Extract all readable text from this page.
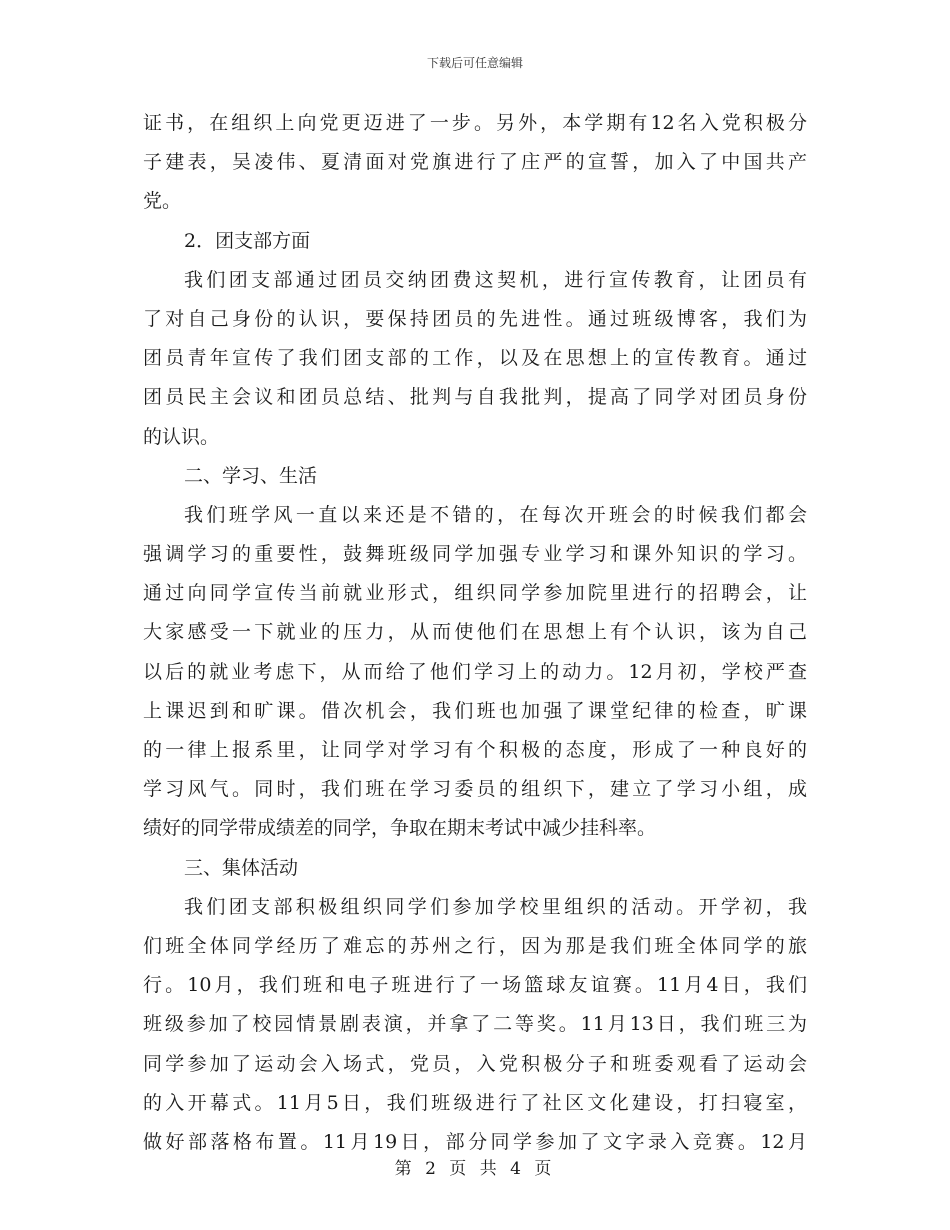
下载后可任意编辑
证书，在组织上向党更迈进了一步。另外，本学期有12名入党积极分
子建表，吴凌伟、夏清面对党旗进行了庄严的宣誓，加入了中国共产
党。
2．团支部方面
我们团支部通过团员交纳团费这契机，进行宣传教育，让团员有
了对自己身份的认识，要保持团员的先进性。通过班级博客，我们为
团员青年宣传了我们团支部的工作，以及在思想上的宣传教育。通过
团员民主会议和团员总结、批判与自我批判，提高了同学对团员身份
的认识。
二、学习、生活
我们班学风一直以来还是不错的，在每次开班会的时候我们都会
强调学习的重要性，鼓舞班级同学加强专业学习和课外知识的学习。
通过向同学宣传当前就业形式，组织同学参加院里进行的招聘会，让
大家感受一下就业的压力，从而使他们在思想上有个认识，该为自己
以后的就业考虑下，从而给了他们学习上的动力。12月初，学校严查
上课迟到和旷课。借次机会，我们班也加强了课堂纪律的检查，旷课
的一律上报系里，让同学对学习有个积极的态度，形成了一种良好的
学习风气。同时，我们班在学习委员的组织下，建立了学习小组，成
绩好的同学带成绩差的同学，争取在期末考试中减少挂科率。
三、集体活动
我们团支部积极组织同学们参加学校里组织的活动。开学初，我
们班全体同学经历了难忘的苏州之行，因为那是我们班全体同学的旅
行。10月，我们班和电子班进行了一场篮球友谊赛。11月4日，我们
班级参加了校园情景剧表演，并拿了二等奖。11月13日，我们班三为
同学参加了运动会入场式，党员，入党积极分子和班委观看了运动会
的入开幕式。11月5日，我们班级进行了社区文化建设，打扫寝室，
做好部落格布置。11月19日，部分同学参加了文字录入竞赛。12月
第 2 页 共 4 页
